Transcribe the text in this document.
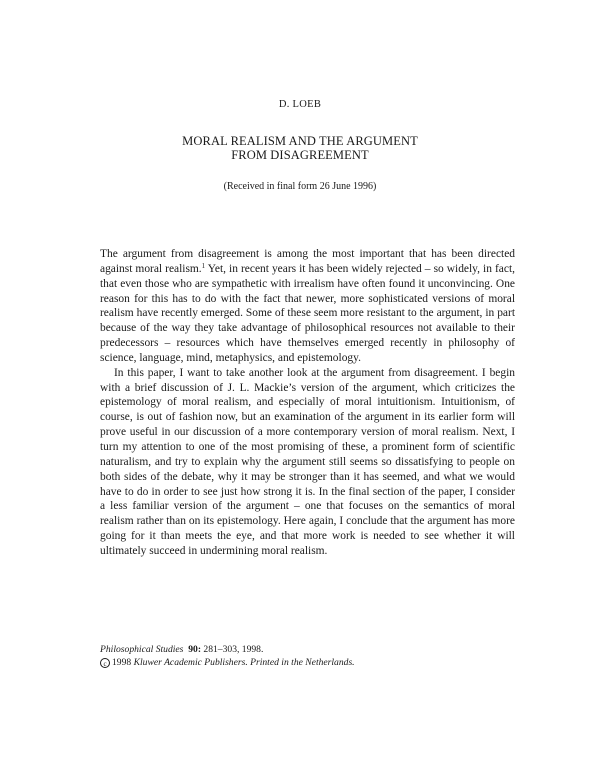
D. LOEB
MORAL REALISM AND THE ARGUMENT
FROM DISAGREEMENT
(Received in final form 26 June 1996)

The argument from disagreement is among the most important that has been directed against moral realism.$^1$ Yet, in recent years it has been widely rejected – so widely, in fact, that even those who are sympathetic with irrealism have often found it unconvincing. One reason for this has to do with the fact that newer, more sophisticated versions of moral realism have recently emerged. Some of these seem more resistant to the argument, in part because of the way they take advantage of philosophical resources not available to their predecessors – resources which have themselves emerged recently in philosophy of science, language, mind, metaphysics, and epistemology.

In this paper, I want to take another look at the argument from disagreement. I begin with a brief discussion of J. L. Mackie’s version of the argument, which criticizes the epistemology of moral realism, and especially of moral intuitionism. Intuitionism, of course, is out of fashion now, but an examination of the argument in its earlier form will prove useful in our discussion of a more contemporary version of moral realism. Next, I turn my attention to one of the most promising of these, a prominent form of scientific naturalism, and try to explain why the argument still seems so dissatisfying to people on both sides of the debate, why it may be stronger than it has seemed, and what we would have to do in order to see just how strong it is. In the final section of the paper, I consider a less familiar version of the argument – one that focuses on the semantics of moral realism rather than on its epistemology. Here again, I conclude that the argument has more going for it than meets the eye, and that more work is needed to see whether it will ultimately succeed in undermining moral realism.

Philosophical Studies 90: 281–303, 1998.
c 1998 Kluwer Academic Publishers. Printed in the Netherlands.
